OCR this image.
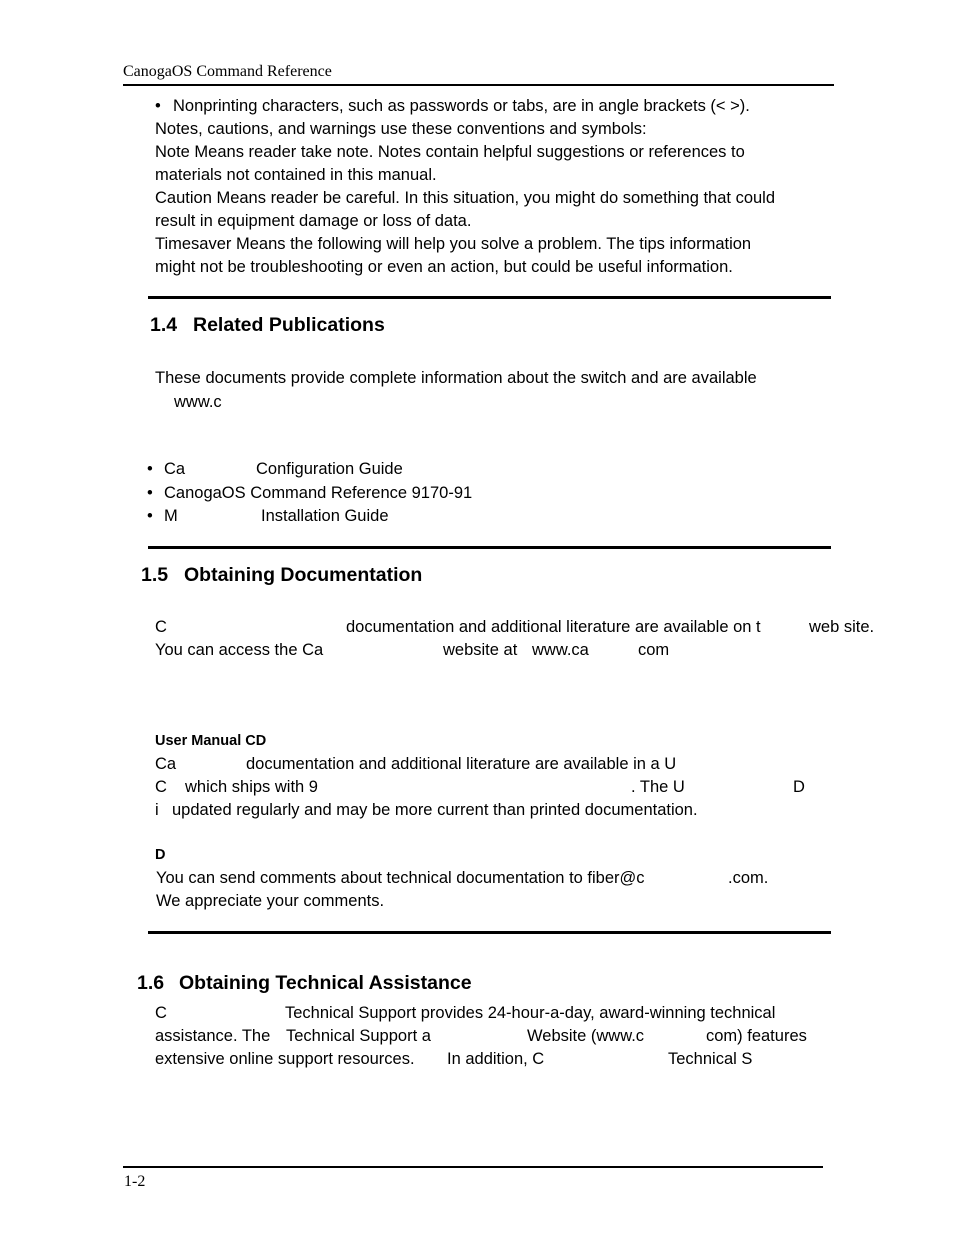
CanogaOS Command Reference
• Nonprinting characters, such as passwords or tabs, are in angle brackets (< >).
Notes, cautions, and warnings use these conventions and symbols:
Note Means reader take note. Notes contain helpful suggestions or references to
materials not contained in this manual.
Caution Means reader be careful. In this situation, you might do something that could
result in equipment damage or loss of data.
Timesaver Means the following will help you solve a problem. The tips information
might not be troubleshooting or even an action, but could be useful information.
1.4 Related Publications
These documents provide complete information about the switch and are available
www.c
• Ca	Configuration Guide
• CanogaOS Command Reference 9170-91
• M	Installation Guide
1.5 Obtaining Documentation
C	documentation and additional literature are available on t	web site.
You can access the Ca	website at www.ca	com
User Manual CD
Ca	documentation and additional literature are available in a U
C which ships with 9	. The U	D
i updated regularly and may be more current than printed documentation.
D
You can send comments about technical documentation to fiber@c	.com.
We appreciate your comments.
1.6 Obtaining Technical Assistance
C	Technical Support provides 24-hour-a-day, award-winning technical
assistance. The Technical Support a	Website (www.c	com) features
extensive online support resources. In addition, C	Technical S
1-2
